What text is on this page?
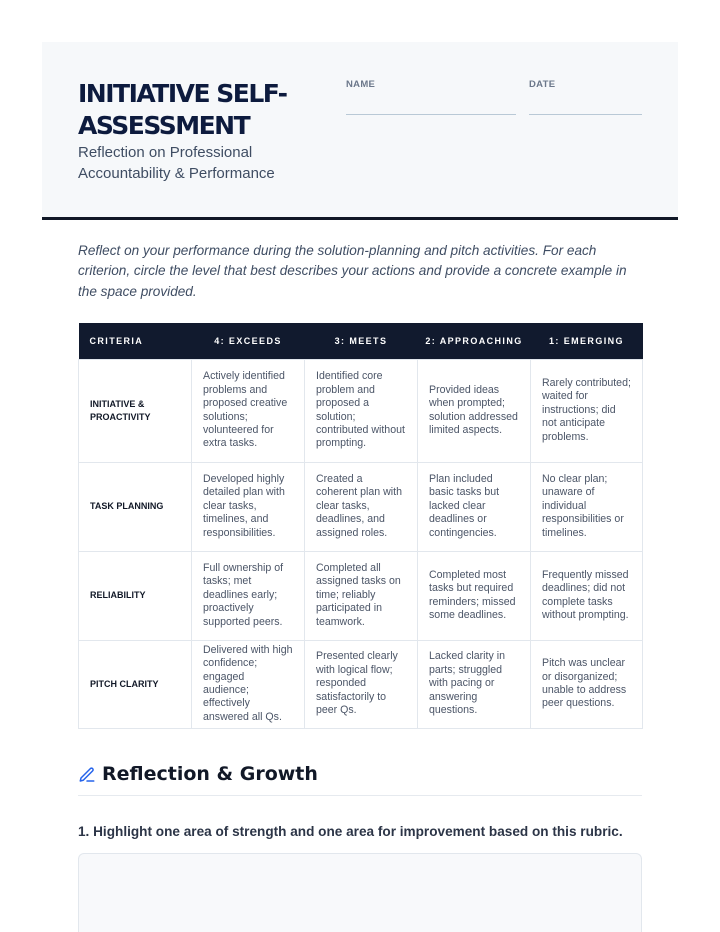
INITIATIVE SELF-ASSESSMENT

Reflection on Professional Accountability & Performance

NAME	DATE

Reflect on your performance during the solution-planning and pitch activities. For each criterion, circle the level that best describes your actions and provide a concrete example in the space provided.

CRITERIA	4: EXCEEDS	3: MEETS	2: APPROACHING	1: EMERGING
INITIATIVE & PROACTIVITY	Actively identified problems and proposed creative solutions; volunteered for extra tasks.	Identified core problem and proposed a solution; contributed without prompting.	Provided ideas when prompted; solution addressed limited aspects.	Rarely contributed; waited for instructions; did not anticipate problems.
TASK PLANNING	Developed highly detailed plan with clear tasks, timelines, and responsibilities.	Created a coherent plan with clear tasks, deadlines, and assigned roles.	Plan included basic tasks but lacked clear deadlines or contingencies.	No clear plan; unaware of individual responsibilities or timelines.
RELIABILITY	Full ownership of tasks; met deadlines early; proactively supported peers.	Completed all assigned tasks on time; reliably participated in teamwork.	Completed most tasks but required reminders; missed some deadlines.	Frequently missed deadlines; did not complete tasks without prompting.
PITCH CLARITY	Delivered with high confidence; engaged audience; effectively answered all Qs.	Presented clearly with logical flow; responded satisfactorily to peer Qs.	Lacked clarity in parts; struggled with pacing or answering questions.	Pitch was unclear or disorganized; unable to address peer questions.
Reflection & Growth

1. Highlight one area of strength and one area for improvement based on this rubric.
